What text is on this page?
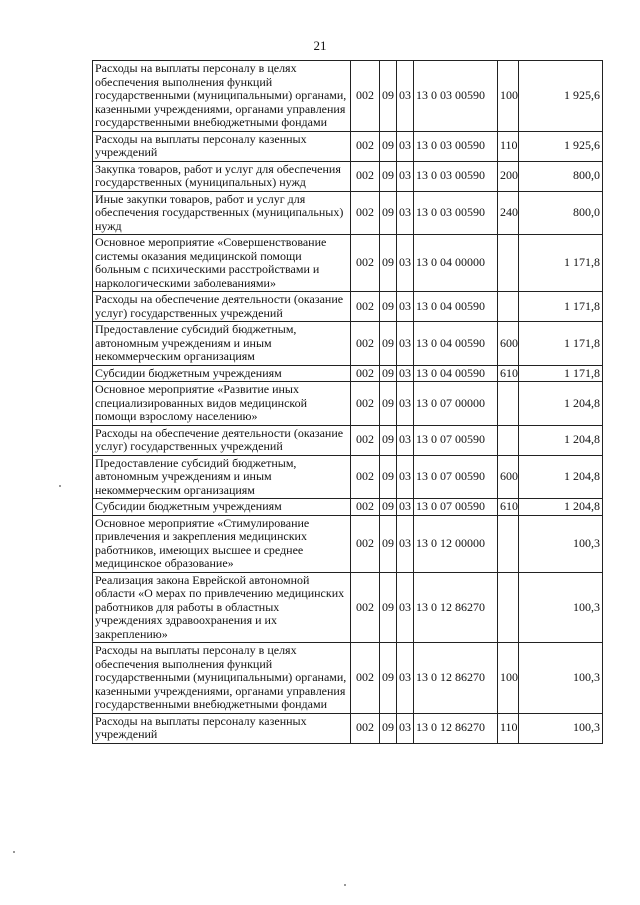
21
Расходы на выплаты персоналу в целях обеспечения выполнения функций государственными (муниципальными) органами, казенными учреждениями, органами управления государственными внебюджетными фондами	002	09	03	13 0 03 00590	100	1 925,6
Расходы на выплаты персоналу казенных учреждений	002	09	03	13 0 03 00590	110	1 925,6
Закупка товаров, работ и услуг для обеспечения государственных (муниципальных) нужд	002	09	03	13 0 03 00590	200	800,0
Иные закупки товаров, работ и услуг для обеспечения государственных (муниципальных) нужд	002	09	03	13 0 03 00590	240	800,0
Основное мероприятие «Совершенствование системы оказания медицинской помощи больным с психическими расстройствами и наркологическими заболеваниями»	002	09	03	13 0 04 00000		1 171,8
Расходы на обеспечение деятельности (оказание услуг) государственных учреждений	002	09	03	13 0 04 00590		1 171,8
Предоставление субсидий бюджетным, автономным учреждениям и иным некоммерческим организациям	002	09	03	13 0 04 00590	600	1 171,8
Субсидии бюджетным учреждениям	002	09	03	13 0 04 00590	610	1 171,8
Основное мероприятие «Развитие иных специализированных видов медицинской помощи взрослому населению»	002	09	03	13 0 07 00000		1 204,8
Расходы на обеспечение деятельности (оказание услуг) государственных учреждений	002	09	03	13 0 07 00590		1 204,8
Предоставление субсидий бюджетным, автономным учреждениям и иным некоммерческим организациям	002	09	03	13 0 07 00590	600	1 204,8
Субсидии бюджетным учреждениям	002	09	03	13 0 07 00590	610	1 204,8
Основное мероприятие «Стимулирование привлечения и закрепления медицинских работников, имеющих высшее и среднее медицинское образование»	002	09	03	13 0 12 00000		100,3
Реализация закона Еврейской автономной области «О мерах по привлечению медицинских работников для работы в областных учреждениях здравоохранения и их закреплению»	002	09	03	13 0 12 86270		100,3
Расходы на выплаты персоналу в целях обеспечения выполнения функций государственными (муниципальными) органами, казенными учреждениями, органами управления государственными внебюджетными фондами	002	09	03	13 0 12 86270	100	100,3
Расходы на выплаты персоналу казенных учреждений	002	09	03	13 0 12 86270	110	100,3
